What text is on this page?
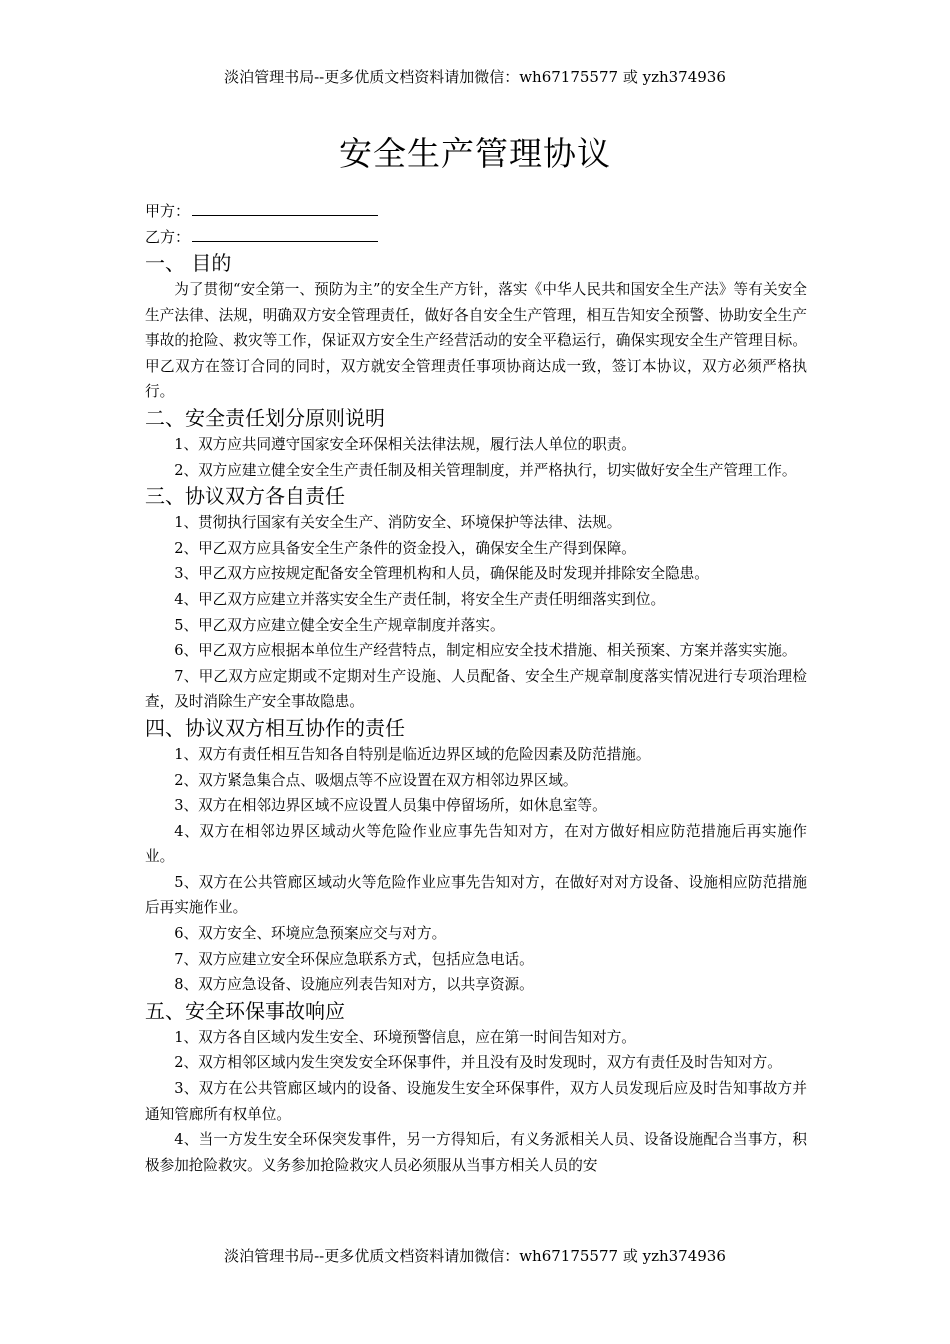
淡泊管理书局--更多优质文档资料请加微信：wh67175577 或 yzh374936
安全生产管理协议
甲方：
乙方：
一、 目的

为了贯彻“安全第一、预防为主”的安全生产方针，落实《中华人民共和国安全生产法》等有关安全生产法律、法规，明确双方安全管理责任，做好各自安全生产管理，相互告知安全预警、协助安全生产事故的抢险、救灾等工作，保证双方安全生产经营活动的安全平稳运行，确保实现安全生产管理目标。甲乙双方在签订合同的同时，双方就安全管理责任事项协商达成一致，签订本协议，双方必须严格执行。

二、安全责任划分原则说明

1、双方应共同遵守国家安全环保相关法律法规，履行法人单位的职责。

2、双方应建立健全安全生产责任制及相关管理制度，并严格执行，切实做好安全生产管理工作。

三、协议双方各自责任

1、贯彻执行国家有关安全生产、消防安全、环境保护等法律、法规。

2、甲乙双方应具备安全生产条件的资金投入，确保安全生产得到保障。

3、甲乙双方应按规定配备安全管理机构和人员，确保能及时发现并排除安全隐患。

4、甲乙双方应建立并落实安全生产责任制，将安全生产责任明细落实到位。

5、甲乙双方应建立健全安全生产规章制度并落实。

6、甲乙双方应根据本单位生产经营特点，制定相应安全技术措施、相关预案、方案并落实实施。

7、甲乙双方应定期或不定期对生产设施、人员配备、安全生产规章制度落实情况进行专项治理检查，及时消除生产安全事故隐患。

四、协议双方相互协作的责任

1、双方有责任相互告知各自特别是临近边界区域的危险因素及防范措施。

2、双方紧急集合点、吸烟点等不应设置在双方相邻边界区域。

3、双方在相邻边界区域不应设置人员集中停留场所，如休息室等。

4、双方在相邻边界区域动火等危险作业应事先告知对方，在对方做好相应防范措施后再实施作业。

5、双方在公共管廊区域动火等危险作业应事先告知对方，在做好对对方设备、设施相应防范措施后再实施作业。

6、双方安全、环境应急预案应交与对方。

7、双方应建立安全环保应急联系方式，包括应急电话。

8、双方应急设备、设施应列表告知对方，以共享资源。

五、安全环保事故响应

1、双方各自区域内发生安全、环境预警信息，应在第一时间告知对方。

2、双方相邻区域内发生突发安全环保事件，并且没有及时发现时，双方有责任及时告知对方。

3、双方在公共管廊区域内的设备、设施发生安全环保事件，双方人员发现后应及时告知事故方并通知管廊所有权单位。

4、当一方发生安全环保突发事件，另一方得知后，有义务派相关人员、设备设施配合当事方，积极参加抢险救灾。义务参加抢险救灾人员必须服从当事方相关人员的安

淡泊管理书局--更多优质文档资料请加微信：wh67175577 或 yzh374936
